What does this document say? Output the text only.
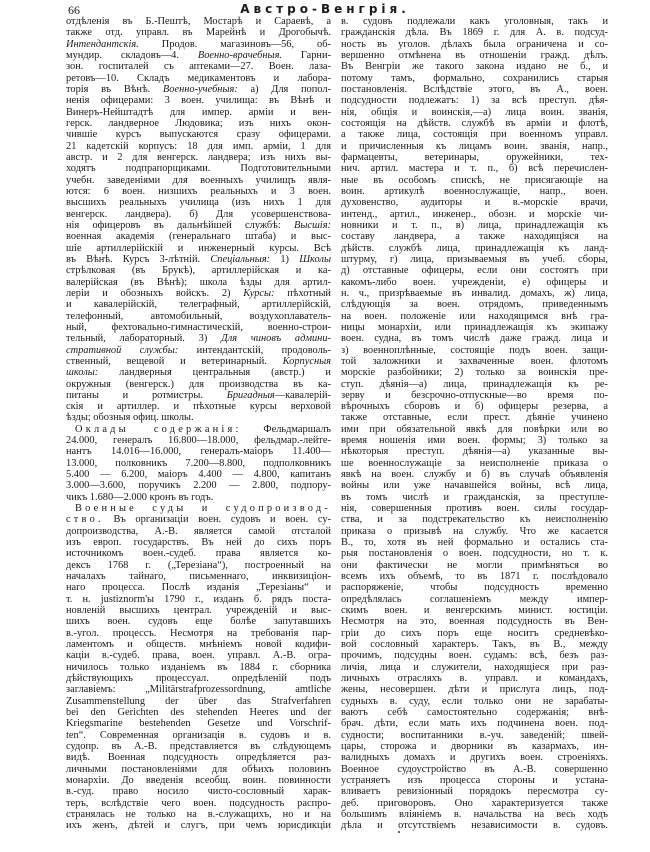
66	Австро-Венгрія.
отдѣленія въ Б.-Пештѣ, Мостарѣ и Сараевѣ, а
также отд. управл. въ Марейнѣ и Дрогобычѣ.
Интендантскія. Продов. магазиновъ—56, об-
мундир. складовъ—4. Военно-врачебныя. Гарни-
зон. госпиталей съ аптеками—27. Воен. лаза-
ретовъ—10. Складъ медикаментовъ и лабора-
торія въ Вѣнѣ. Военно-учебныя: а) Для попол-
ненія офицерами: 3 воен. училища: въ Вѣнѣ и
Винеръ-Нейштадтѣ для импер. арміи и вен-
герск. ландверное Людовика; изъ нихъ окон-
чившіе курсъ выпускаются сразу офицерами.
21 кадетскій корпусъ: 18 для имп. арміи, 1 для
австр. и 2 для венгерск. ландвера; изъ нихъ вы-
ходятъ подпрапорщиками. Подготовительными
учебн. заведеніями для военныхъ училищъ явля-
ются: 6 воен. низшихъ реальныхъ и 3 воен.
высшихъ реальныхъ училища (изъ нихъ 1 для
венгерск. ландвера). б) Для усовершенствова-
нія офицеровъ въ дальнѣйшей службѣ: Высшія:
военная академія (генеральнаго штаба) и выс-
шіе артиллерійскій и инженерный курсы. Всѣ
въ Вѣнѣ. Курсъ 3-лѣтній. Спеціальныя: 1) Школы
стрѣлковая (въ Брукѣ), артиллерійская и ка-
валерійская (въ Вѣнѣ); школа ѣзды для артил-
леріи и обозныхъ войскъ. 2) Курсы: пѣхотный
и кавалерійскій, телеграфный, артиллерійскій,
телефонный, автомобильный, воздухоплаватель-
ный, фехтовально-гимнастическій, военно-строи-
тельный, лабораторный. 3) Для чиновъ админи-
стративной службы: интендантскій, продоволь-
ственный, вещевой и ветеринарный. Корпусныя
школы: ландверныя центральныя (австр.) и
окружныя (венгерск.) для производства въ ка-
питаны и ротмистры. Бригадныя—кавалерій-
скія и артиллер. и пѣхотные курсы верховой
ѣзды; обозныя офиц. школы.
Оклады содержанія: Фельдмаршалъ
24.000, генералъ 16.800—18.000, фельдмар.-лейте-
нантъ 14.016—16.000, генералъ-маіоръ 11.400—
13.000, полковникъ 7.200—8.800, подполковникъ
5.400 — 6.200, маіоръ 4.400 — 4.800, капитанъ
3.000—3.600, поручикъ 2.200 — 2.800, подпору-
чикъ 1.680—2.000 кронъ въ годъ.
Военные суды и судопроизвод-
ство. Въ организаціи воен. судовъ и воен. су-
допроизводства, А.-В. является самой отсталой
изъ европ. государствъ. Въ ней до сихъ поръ
источникомъ воен.-судеб. права является ко-
дексъ 1768 г. („Терезіана“), построенный на
началахъ тайнаго, письменнаго, инквизиціон-
наго процесса. Послѣ изданія „Терезіаны“ и
т. н. justiznorm'ы 1790 г., изданъ б. рядъ поста-
новленій высшихъ централ. учрежденій и выс-
шихъ воен. судовъ еще болѣе запутавшихъ
в.-угол. процессъ. Несмотря на требованія пар-
ламентомъ и обществ. мнѣніемъ новой кодифи-
каціи в.-судеб. права, воен. управл. А.-В. огра-
ничилось только изданіемъ въ 1884 г. сборника
дѣйствующихъ процессуал. опредѣленій подъ
заглавіемъ: „Militärstrafprozessordnung, amtliche
Zusammenstellung der über das Strafverfahren
bei den Gerichten des stehenden Heeres und der
Kriegsmarine bestehenden Gesetze und Vorschrif-
ten“. Современная организація в. судовъ и в.
судопр. въ А.-В. представляется въ слѣдующемъ
видѣ. Военная подсудность опредѣляется раз-
личными постановленіями для обѣихъ половинъ
монархіи. До введенія всеобщ. воин. повинности
в.-суд. право носило чисто-сословный харак-
теръ, вслѣдствіе чего воен. подсудность распро-
странялась не только на в.-служащихъ, но и на
ихъ женъ, дѣтей и слугъ, при чемъ юрисдикціи
в. судовъ подлежали какъ уголовныя, такъ и
гражданскія дѣла. Въ 1869 г. для А. в. подсуд-
ность въ уголов. дѣлахъ была ограничена и со-
вершенно отмѣнена въ отношеніи гражд. дѣлъ.
Въ Венгріи же такого закона издано не б., и
потому тамъ, формально, сохранились старыя
постановленія. Вслѣдствіе этого, въ А., воен.
подсудности подлежатъ: 1) за всѣ преступ. дѣя-
нія, общія и воинскія,—а) лица воин. званія,
состоящія на дѣйств. службѣ въ арміи и флотѣ,
а также лица, состоящія при военномъ управл.
и причисленныя къ лицамъ воин. званія, напр.,
фармацевты, ветеринары, оружейники, тех-
нич. артил. мастера и т. п., б) всѣ перечислен-
ные въ особомъ спискѣ, не присягающіе на
воин. артикулѣ военнослужащіе, напр., воен.
духовенство, аудиторы и в.-морскіе врачи,
интенд., артил., инженер., обозн. и морскіе чи-
новники и т. п., в) лица, принадлежащія къ
составу ландвера, а также находящіяся на
дѣйств. службѣ лица, принадлежащія къ ланд-
штурму, г) лица, призываемыя въ учеб. сборы,
д) отставные офицеры, если они состоятъ при
какомъ-либо воен. учрежденіи, е) офицеры и
н. ч., призрѣваемые въ инвалид. домахъ, ж) лица,
слѣдующія за воен. отрядомъ, приведеннымъ
на воен. положеніе или находящимся внѣ гра-
ницы монархіи, или принадлежащія къ экипажу
воен. судна, въ томъ числѣ даже гражд. лица и
з) военноплѣнные, состоящіе подъ воен. защи-
той заложники и захваченные воен. флотомъ
морскіе разбойники; 2) только за воинскія пре-
ступ. дѣянія—а) лица, принадлежащія къ ре-
зерву и безсрочно-отпускные—во время по-
вѣрочныхъ сборовъ и б) офицеры резерва, а
также отставные, если прест. дѣяніе учинено
ими при обязательной явкѣ для повѣрки или во
время ношенія ими воен. формы; 3) только за
нѣкоторыя преступ. дѣянія—а) указанные вы-
ше военнослужащіе за неисполненіе приказа о
явкѣ на воен. службу и б) въ случаѣ объявленія
войны или уже начавшейся войны, всѣ лица,
въ томъ числѣ и гражданскія, за преступле-
нія, совершенныя противъ воен. силы государ-
ства, и за подстрекательство къ неисполненію
приказа о призывѣ на службу. Что же касается
В., то, хотя въ ней формально и остались ста-
рыя постановленія о воен. подсудности, но т. к.
они фактически не могли примѣняться во
всемъ ихъ объемѣ, то въ 1871 г. послѣдовало
распоряженіе, чтобы подсудность временно
опредѣлялась соглашеніемъ между импер-
скимъ воен. и венгерскимъ минист. юстиціи.
Несмотря на это, военная подсудность въ Вен-
гріи до сихъ поръ еще носитъ средневѣко-
вой сословный характеръ. Такъ, въ В., между
прочимъ, подсудны воен. судамъ: всѣ, безъ раз-
личія, лица и служители, находящіеся при раз-
личныхъ отрасляхъ в. управл. и командахъ,
жены, несовершен. дѣти и прислуга лицъ, под-
судныхъ в. суду, если только они не зарабаты-
ваютъ себѣ самостоятельно содержанія; внѣ-
брач. дѣти, если мать ихъ подчинена воен. под-
судности; воспитанники в.-уч. заведеній; швей-
цары, сторожа и дворники въ казармахъ, ин-
валидныхъ домахъ и другихъ воен. строеніяхъ.
Военное судоустройство въ А.-В. совершенно
устраняетъ изъ процесса стороны и устана-
вливаетъ ревизіонный порядокъ пересмотра су-
деб. приговоровъ. Оно характеризуется также
большимъ вліяніемъ в. начальства на весь ходъ
дѣла и отсутствіемъ независимости в. судовъ.
